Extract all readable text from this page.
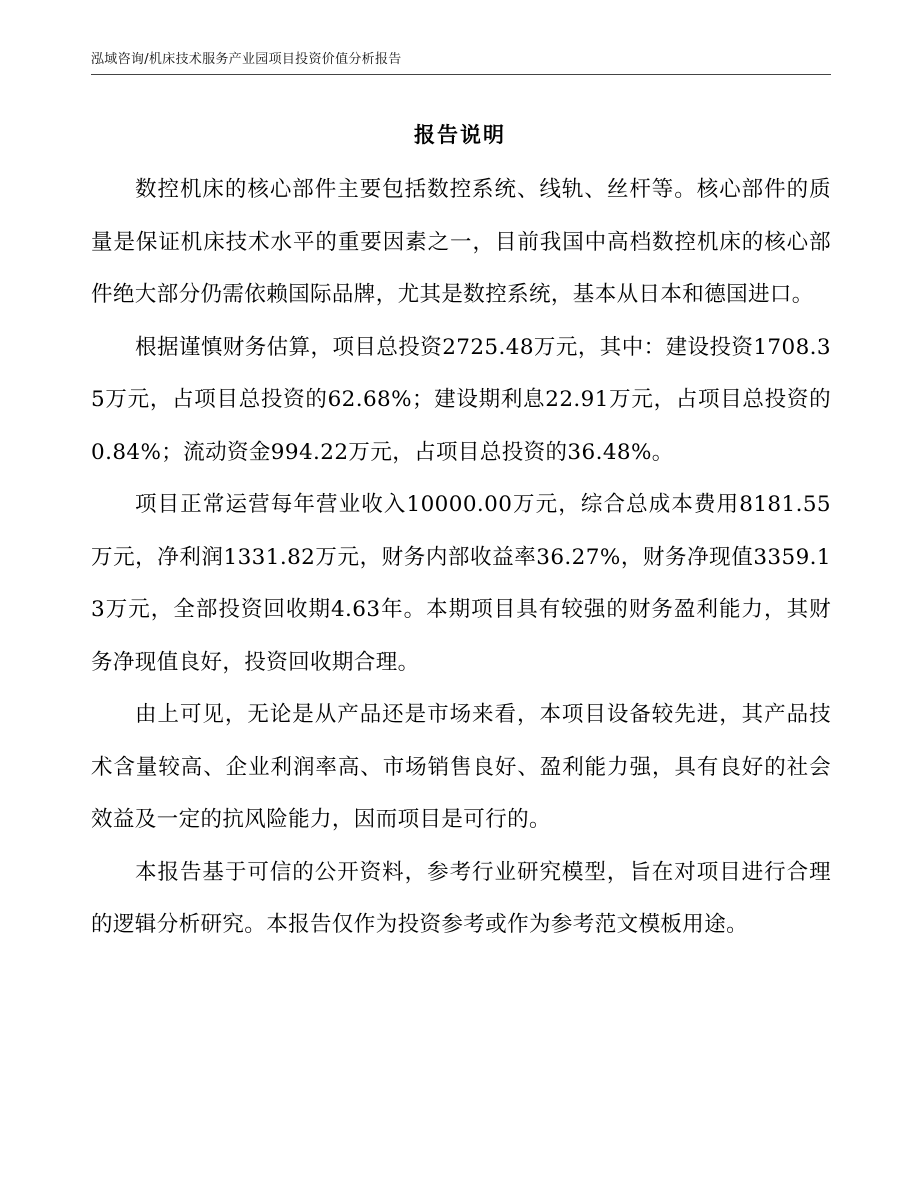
泓域咨询/机床技术服务产业园项目投资价值分析报告
报告说明

数控机床的核心部件主要包括数控系统、线轨、丝杆等。核心部件的质量是保证机床技术水平的重要因素之一，目前我国中高档数控机床的核心部件绝大部分仍需依赖国际品牌，尤其是数控系统，基本从日本和德国进口。

根据谨慎财务估算，项目总投资2725.48万元，其中：建设投资1708.35万元，占项目总投资的62.68%；建设期利息22.91万元，占项目总投资的0.84%；流动资金994.22万元，占项目总投资的36.48%。

项目正常运营每年营业收入10000.00万元，综合总成本费用8181.55万元，净利润1331.82万元，财务内部收益率36.27%，财务净现值3359.13万元，全部投资回收期4.63年。本期项目具有较强的财务盈利能力，其财务净现值良好，投资回收期合理。

由上可见，无论是从产品还是市场来看，本项目设备较先进，其产品技术含量较高、企业利润率高、市场销售良好、盈利能力强，具有良好的社会效益及一定的抗风险能力，因而项目是可行的。

本报告基于可信的公开资料，参考行业研究模型，旨在对项目进行合理的逻辑分析研究。本报告仅作为投资参考或作为参考范文模板用途。
